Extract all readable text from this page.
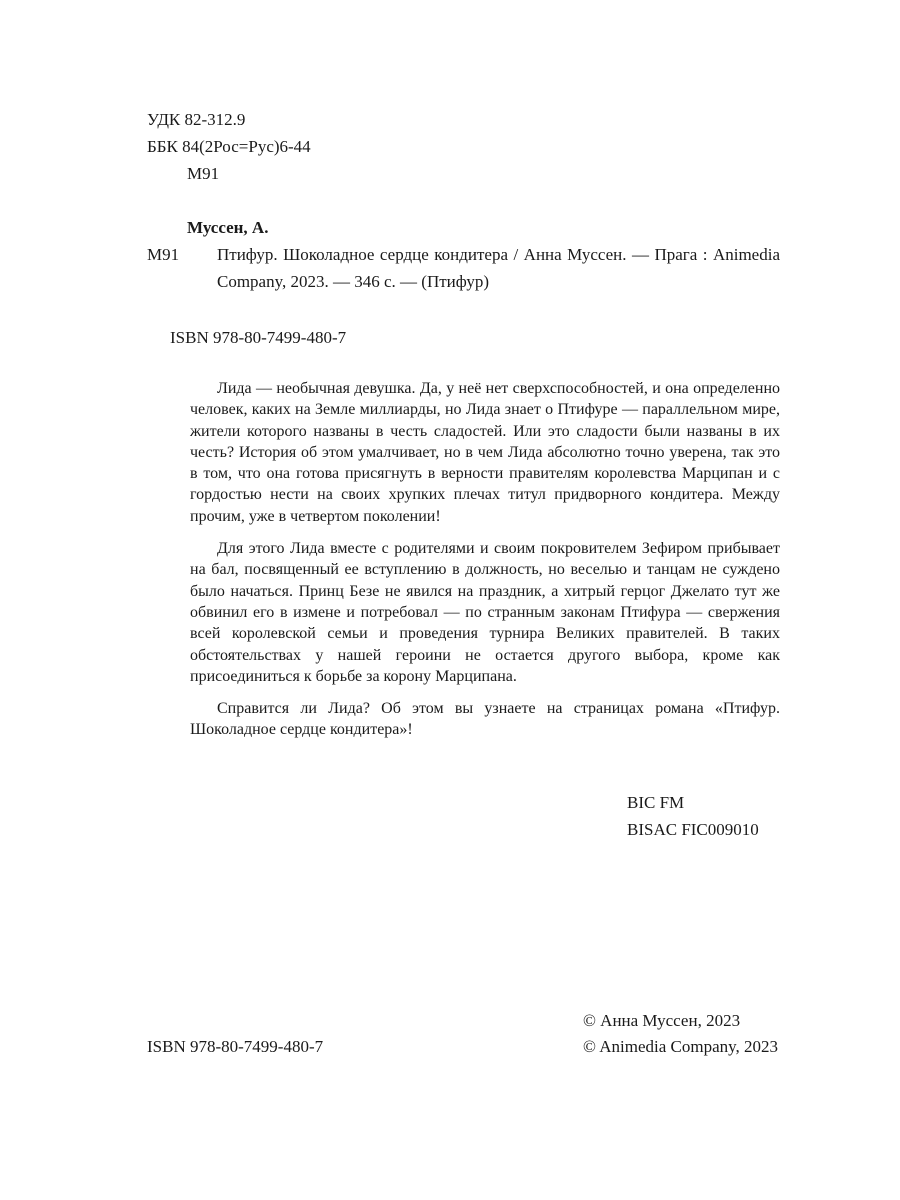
УДК 82-312.9
ББК 84(2Рос=Рус)6-44
М91
Муссен, А.
М91 Птифур. Шоколадное сердце кондитера / Анна Муссен. — Прага : Animedia Company, 2023. — 346 с. — (Птифур)
ISBN 978-80-7499-480-7

Лида — необычная девушка. Да, у неё нет сверхспособностей, и она определенно человек, каких на Земле миллиарды, но Лида знает о Птифуре — параллельном мире, жители которого названы в честь сладостей. Или это сладости были названы в их честь? История об этом умалчивает, но в чем Лида абсолютно точно уверена, так это в том, что она готова присягнуть в верности правителям королевства Марципан и с гордостью нести на своих хрупких плечах титул придворного кондитера. Между прочим, уже в четвертом поколении!

Для этого Лида вместе с родителями и своим покровителем Зефиром прибывает на бал, посвященный ее вступлению в должность, но веселью и танцам не суждено было начаться. Принц Безе не явился на праздник, а хитрый герцог Джелато тут же обвинил его в измене и потребовал — по странным законам Птифура — свержения всей королевской семьи и проведения турнира Великих правителей. В таких обстоятельствах у нашей героини не остается другого выбора, кроме как присоединиться к борьбе за корону Марципана.

Справится ли Лида? Об этом вы узнаете на страницах романа «Птифур. Шоколадное сердце кондитера»!

BIC FM
BISAC FIC009010
© Анна Муссен, 2023
ISBN 978-80-7499-480-7	© Animedia Company, 2023
